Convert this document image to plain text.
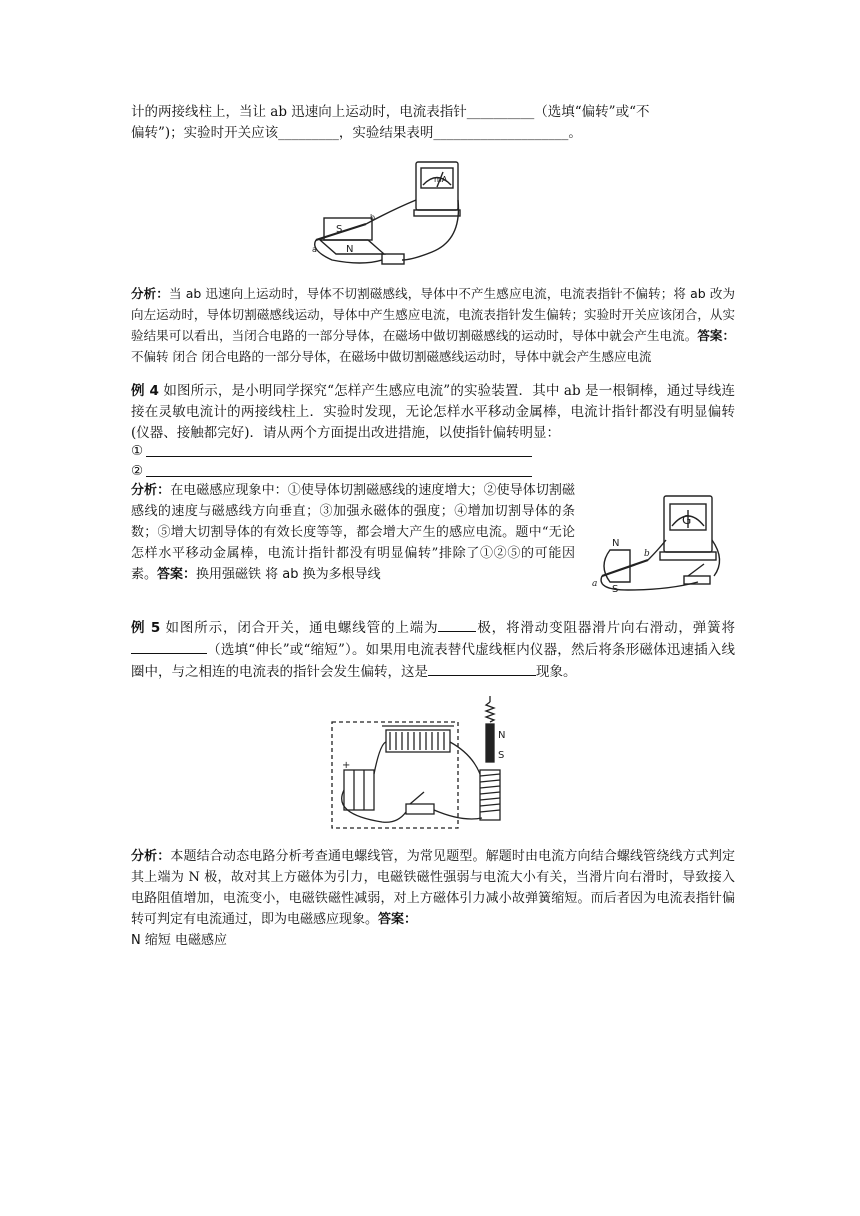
计的两接线柱上，当让 ab 迅速向上运动时，电流表指针__________（选填“偏转”或“不
偏转”)；实验时开关应该_________，实验结果表明____________________。

mA
S
N
a
b

分析：当 ab 迅速向上运动时，导体不切割磁感线，导体中不产生感应电流，电流表指针不偏转；将 ab 改为向左运动时，导体切割磁感线运动，导体中产生感应电流，电流表指针发生偏转；实验时开关应该闭合，从实验结果可以看出，当闭合电路的一部分导体，在磁场中做切割磁感线的运动时，导体中就会产生电流。答案：不偏转 闭合 闭合电路的一部分导体，在磁场中做切割磁感线运动时，导体中就会产生感应电流

例 4 如图所示，是小明同学探究“怎样产生感应电流”的实验装置．其中 ab 是一根铜棒，通过导线连接在灵敏电流计的两接线柱上．实验时发现，无论怎样水平移动金属棒，电流计指针都没有明显偏转(仪器、接触都完好)．请从两个方面提出改进措施，以使指针偏转明显：

①
②

分析：在电磁感应现象中：①使导体切割磁感线的速度增大；②使导体切割磁感线的速度与磁感线方向垂直；③加强永磁体的强度；④增加切割导体的条数；⑤增大切割导体的有效长度等等，都会增大产生的感应电流。题中“无论怎样水平移动金属棒，电流计指针都没有明显偏转”排除了①②⑤的可能因素。答案：换用强磁铁 将 ab 换为多根导线

G
N
S
a
b

例 5 如图所示，闭合开关，通电螺线管的上端为	极，将滑动变阻器滑片向右滑动，弹簧将（选填“伸长”或“缩短”）。如果用电流表替代虚线框内仪器，然后将条形磁体迅速插入线圈中，与之相连的电流表的指针会发生偏转，这是	现象。

N
S
+

分析：本题结合动态电路分析考查通电螺线管，为常见题型。解题时由电流方向结合螺线管绕线方式判定其上端为 N 极，故对其上方磁体为引力，电磁铁磁性强弱与电流大小有关，当滑片向右滑时，导致接入电路阻值增加，电流变小，电磁铁磁性减弱，对上方磁体引力减小故弹簧缩短。而后者因为电流表指针偏转可判定有电流通过，即为电磁感应现象。答案：
N 缩短 电磁感应
